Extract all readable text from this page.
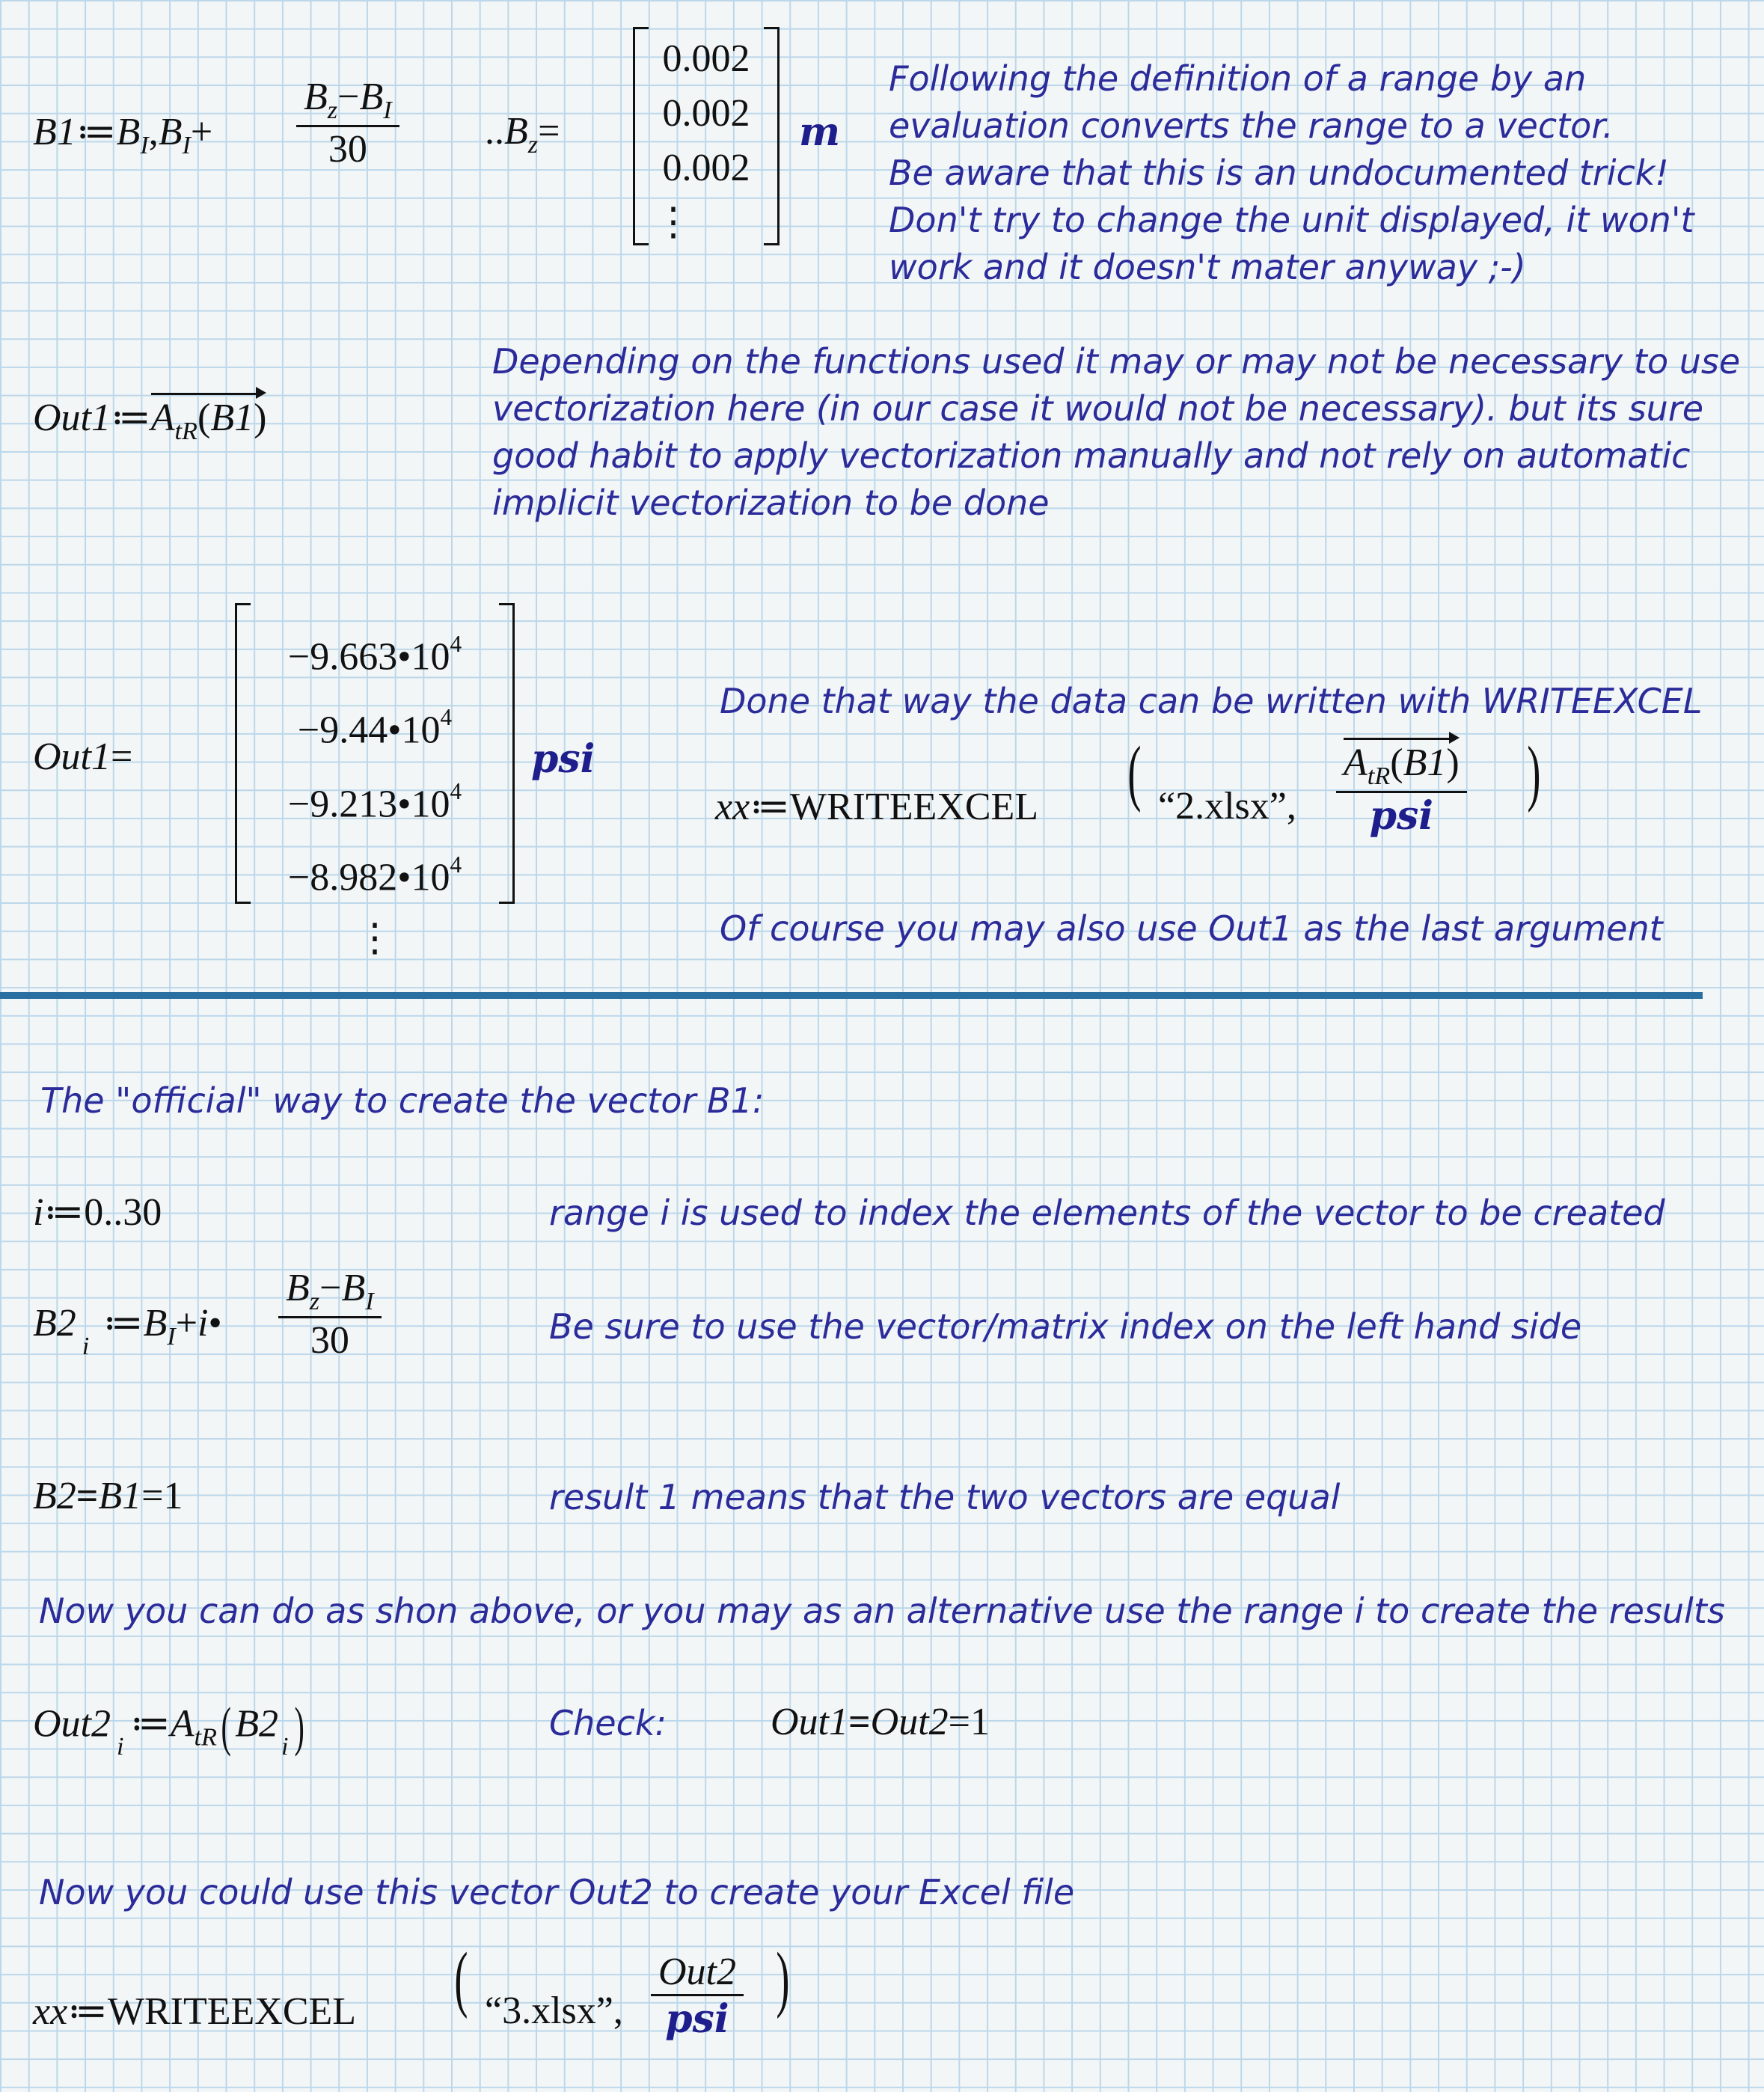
$B1≔B_I,B_I+ \frac{B_z-B_I}{30} ..B_z=$
0.002
0.002
0.002
⋮
m
Following the definition of a range by an
evaluation converts the range to a vector.
Be aware that this is an undocumented trick!
Don't try to change the unit displayed, it won't
work and it doesn't mater anyway ;-)
$Out1≔A_{tR}(B1)$
Depending on the functions used it may or may not be necessary to use
vectorization here (in our case it would not be necessary). but its sure
good habit to apply vectorization manually and not rely on automatic
implicit vectorization to be done
Out1=
$-9.663•10^4$
$-9.44•10^4$
$-9.213•10^4$
$-8.982•10^4$
⋮
psi
Done that way the data can be written with WRITEEXCEL
xx≔WRITEEXCEL ( “2.xlsx”,
$A_{tR}(B1)$
psi
)
Of course you may also use Out1 as the last argument
The "official" way to create the vector B1:
i≔0..30	range i is used to index the elements of the vector to be created
B2
i
$≔B_I+i• \frac{B_z-B_I}{30}$	Be sure to use the vector/matrix index on the left hand side
B2=B1=1	result 1 means that the two vectors are equal
Now you can do as shon above, or you may as an alternative use the range i to create the results
Out2
i
$≔A_{tR}$( B2
i )	Check:	Out1=Out2=1
Now you could use this vector Out2 to create your Excel file
xx≔WRITEEXCEL ( “3.xlsx”,
Out2
psi )
